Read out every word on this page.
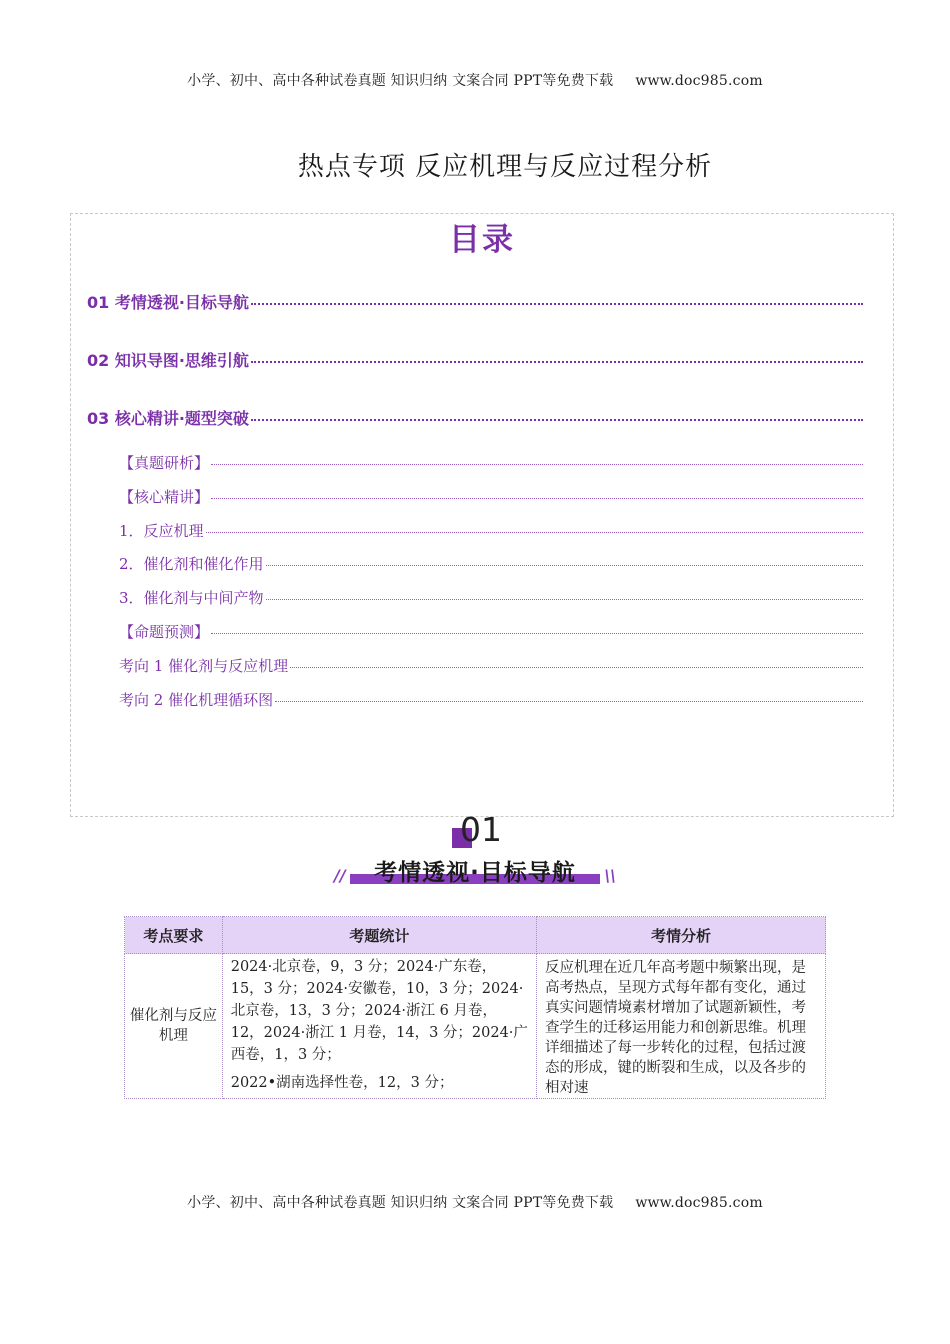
小学、初中、高中各种试卷真题 知识归纳 文案合同 PPT等免费下载 www.doc985.com
热点专项 反应机理与反应过程分析
目录
01 考情透视·目标导航
02 知识导图·思维引航
03 核心精讲·题型突破
【真题研析】
【核心精讲】
1．反应机理
2．催化剂和催化作用
3．催化剂与中间产物
【命题预测】
考向 1 催化剂与反应机理
考向 2 催化机理循环图
01
//	考情透视·目标导航	\\
考点要求	考题统计	考情分析
催化剂与反应机理	2024·北京卷，9，3 分；2024·广东卷，15，3 分；2024·安徽卷，10，3 分；2024·北京卷，13，3 分；2024·浙江 6 月卷，12，2024·浙江 1 月卷，14，3 分；2024·广西卷，1，3 分；

2022•湖南选择性卷，12，3 分；	反应机理在近几年高考题中频繁出现，是高考热点，呈现方式每年都有变化，通过真实问题情境素材增加了试题新颖性，考查学生的迁移运用能力和创新思维。机理详细描述了每一步转化的过程，包括过渡态的形成，键的断裂和生成，以及各步的相对速
小学、初中、高中各种试卷真题 知识归纳 文案合同 PPT等免费下载 www.doc985.com
